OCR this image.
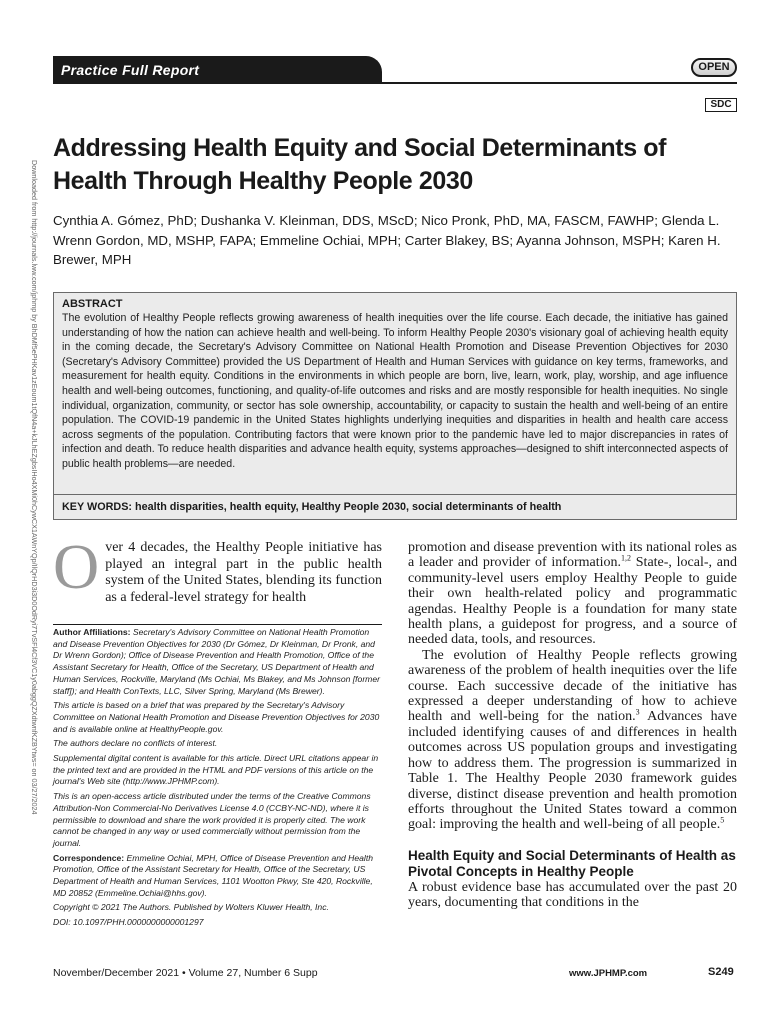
Practice Full Report	OPEN
SDC
Downloaded from http://journals.lww.com/jphmp by BhDMf5ePHKav1zEoum1tQfN4a+kJLhEZgbsIHo4XMi0hCywCX1AWnYQp/IlQrHD3i3D0OdRyi7TvSFl4Cf3VC1y0abggQZXdtwnfKZBYtws= on 03/27/2024
Addressing Health Equity and Social Determinants of Health Through Healthy People 2030
Cynthia A. Gómez, PhD; Dushanka V. Kleinman, DDS, MScD; Nico Pronk, PhD, MA, FASCM, FAWHP; Glenda L. Wrenn Gordon, MD, MSHP, FAPA; Emmeline Ochiai, MPH; Carter Blakey, BS; Ayanna Johnson, MSPH; Karen H. Brewer, MPH
ABSTRACT
The evolution of Healthy People reflects growing awareness of health inequities over the life course. Each decade, the initiative has gained understanding of how the nation can achieve health and well-being. To inform Healthy People 2030's visionary goal of achieving health equity in the coming decade, the Secretary's Advisory Committee on National Health Promotion and Disease Prevention Objectives for 2030 (Secretary's Advisory Committee) provided the US Department of Health and Human Services with guidance on key terms, frameworks, and measurement for health equity. Conditions in the environments in which people are born, live, learn, work, play, worship, and age influence health and well-being outcomes, functioning, and quality-of-life outcomes and risks and are mostly responsible for health inequities. No single individual, organization, community, or sector has sole ownership, accountability, or capacity to sustain the health and well-being of an entire population. The COVID-19 pandemic in the United States highlights underlying inequities and disparities in health and health care access across segments of the population. Contributing factors that were known prior to the pandemic have led to major discrepancies in rates of infection and death. To reduce health disparities and advance health equity, systems approaches—designed to shift interconnected aspects of public health problems—are needed.
KEY WORDS: health disparities, health equity, Healthy People 2030, social determinants of health
O ver 4 decades, the Healthy People initiative has played an integral part in the public health system of the United States, blending its function as a federal-level strategy for health

Author Affiliations: Secretary's Advisory Committee on National Health Promotion and Disease Prevention Objectives for 2030 (Dr Gómez, Dr Kleinman, Dr Pronk, and Dr Wrenn Gordon); Office of Disease Prevention and Health Promotion, Office of the Assistant Secretary for Health, Office of the Secretary, US Department of Health and Human Services, Rockville, Maryland (Ms Ochiai, Ms Blakey, and Ms Johnson [former staff]); and Health ConTexts, LLC, Silver Spring, Maryland (Ms Brewer).

This article is based on a brief that was prepared by the Secretary's Advisory Committee on National Health Promotion and Disease Prevention Objectives for 2030 and is available online at HealthyPeople.gov.

The authors declare no conflicts of interest.

Supplemental digital content is available for this article. Direct URL citations appear in the printed text and are provided in the HTML and PDF versions of this article on the journal's Web site (http://www.JPHMP.com).

This is an open-access article distributed under the terms of the Creative Commons Attribution-Non Commercial-No Derivatives License 4.0 (CCBY-NC-ND), where it is permissible to download and share the work provided it is properly cited. The work cannot be changed in any way or used commercially without permission from the journal.

Correspondence: Emmeline Ochiai, MPH, Office of Disease Prevention and Health Promotion, Office of the Assistant Secretary for Health, Office of the Secretary, US Department of Health and Human Services, 1101 Wootton Pkwy, Ste 420, Rockville, MD 20852 (Emmeline.Ochiai@hhs.gov).

Copyright © 2021 The Authors. Published by Wolters Kluwer Health, Inc.

DOI: 10.1097/PHH.0000000000001297

promotion and disease prevention with its national roles as a leader and provider of information.$^{1,2}$ State-, local-, and community-level users employ Healthy People to guide their own health-related policy and programmatic agendas. Healthy People is a foundation for many state health plans, a guidepost for progress, and a source of needed data, tools, and resources.

The evolution of Healthy People reflects growing awareness of the problem of health inequities over the life course. Each successive decade of the initiative has expressed a deeper understanding of how to achieve health and well-being for the nation.$^3$ Advances have included identifying causes of and differences in health outcomes across US population groups and investigating how to address them. The progression is summarized in Table 1. The Healthy People 2030 framework guides diverse, distinct disease prevention and health promotion efforts throughout the United States toward a common goal: improving the health and well-being of all people.$^5$

Health Equity and Social Determinants of Health as Pivotal Concepts in Healthy People

A robust evidence base has accumulated over the past 20 years, documenting that conditions in the

November/December 2021 • Volume 27, Number 6 Supp	www.JPHMP.com	S249
